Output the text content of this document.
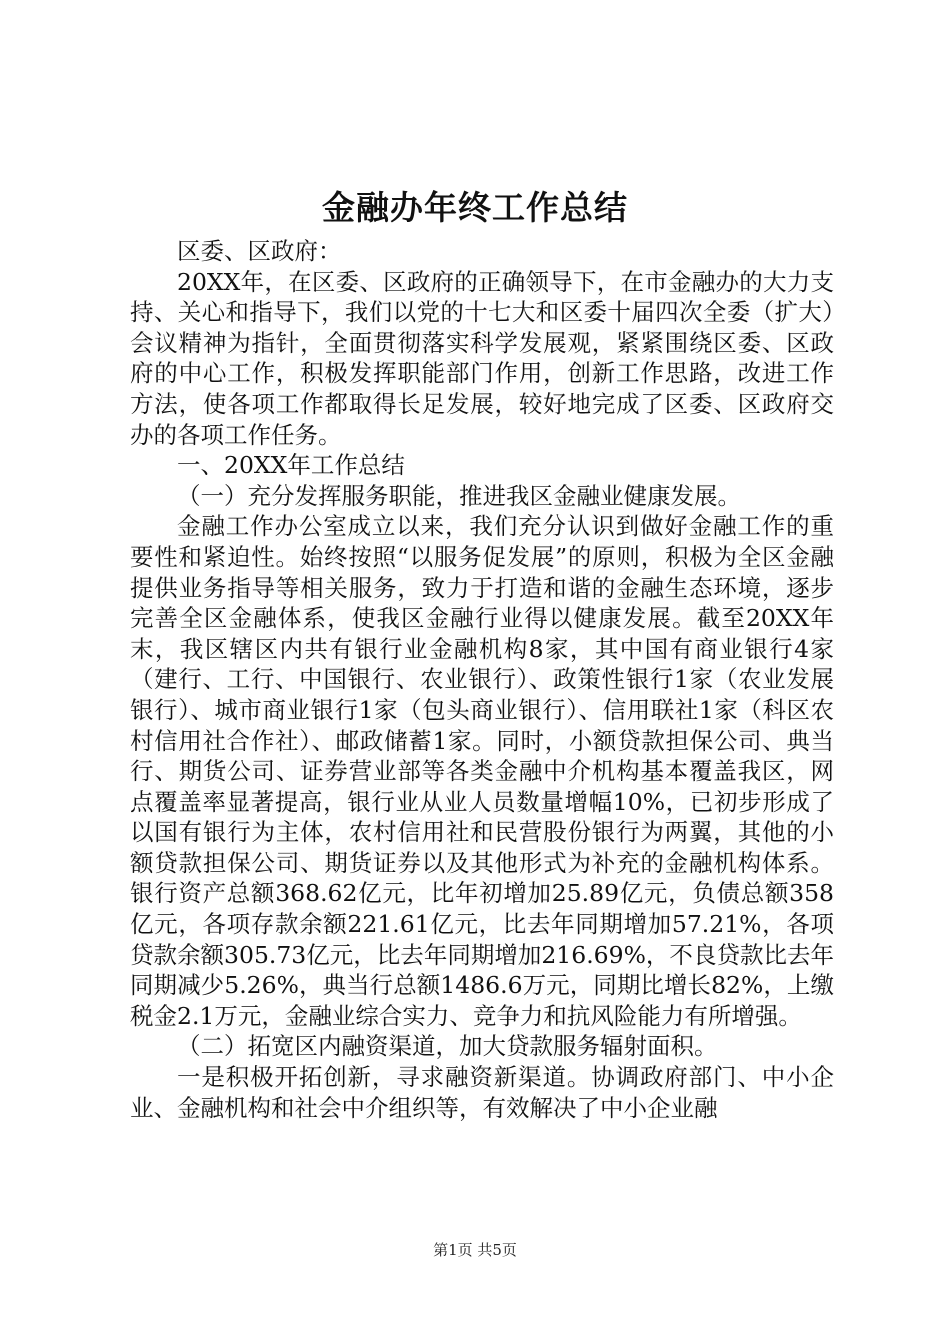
金融办年终工作总结

区委、区政府：

20XX年，在区委、区政府的正确领导下，在市金融办的大力支持、关心和指导下，我们以党的十七大和区委十届四次全委（扩大）会议精神为指针，全面贯彻落实科学发展观，紧紧围绕区委、区政府的中心工作，积极发挥职能部门作用，创新工作思路，改进工作方法，使各项工作都取得长足发展，较好地完成了区委、区政府交办的各项工作任务。

一、20XX年工作总结

（一）充分发挥服务职能，推进我区金融业健康发展。

金融工作办公室成立以来，我们充分认识到做好金融工作的重要性和紧迫性。始终按照“以服务促发展”的原则，积极为全区金融提供业务指导等相关服务，致力于打造和谐的金融生态环境，逐步完善全区金融体系，使我区金融行业得以健康发展。截至20XX年末，我区辖区内共有银行业金融机构8家，其中国有商业银行4家（建行、工行、中国银行、农业银行）、政策性银行1家（农业发展银行）、城市商业银行1家（包头商业银行）、信用联社1家（科区农村信用社合作社）、邮政储蓄1家。同时，小额贷款担保公司、典当行、期货公司、证券营业部等各类金融中介机构基本覆盖我区，网点覆盖率显著提高，银行业从业人员数量增幅10%，已初步形成了以国有银行为主体，农村信用社和民营股份银行为两翼，其他的小额贷款担保公司、期货证券以及其他形式为补充的金融机构体系。银行资产总额368.62亿元，比年初增加25.89亿元，负债总额358亿元，各项存款余额221.61亿元，比去年同期增加57.21%，各项贷款余额305.73亿元，比去年同期增加216.69%，不良贷款比去年同期减少5.26%，典当行总额1486.6万元，同期比增长82%，上缴税金2.1万元，金融业综合实力、竞争力和抗风险能力有所增强。

（二）拓宽区内融资渠道，加大贷款服务辐射面积。

一是积极开拓创新，寻求融资新渠道。协调政府部门、中小企业、金融机构和社会中介组织等，有效解决了中小企业融

第1页 共5页
